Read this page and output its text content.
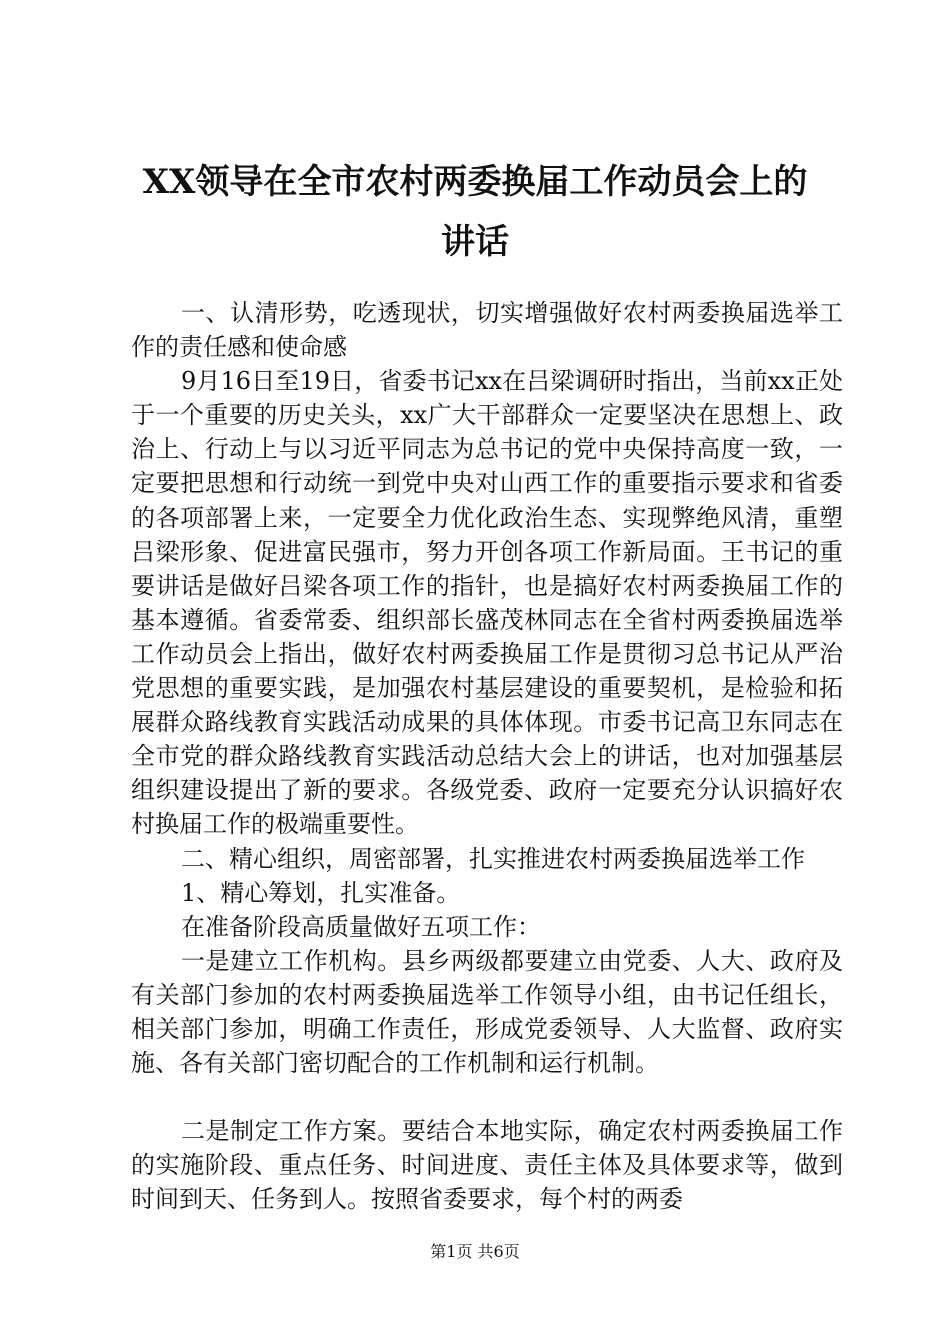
XX领导在全市农村两委换届工作动员会上的
讲话

一、认清形势，吃透现状，切实增强做好农村两委换届选举工作的责任感和使命感

9月16日至19日，省委书记xx在吕梁调研时指出，当前xx正处于一个重要的历史关头，xx广大干部群众一定要坚决在思想上、政治上、行动上与以习近平同志为总书记的党中央保持高度一致，一定要把思想和行动统一到党中央对山西工作的重要指示要求和省委的各项部署上来，一定要全力优化政治生态、实现弊绝风清，重塑吕梁形象、促进富民强市，努力开创各项工作新局面。王书记的重要讲话是做好吕梁各项工作的指针，也是搞好农村两委换届工作的基本遵循。省委常委、组织部长盛茂林同志在全省村两委换届选举工作动员会上指出，做好农村两委换届工作是贯彻习总书记从严治党思想的重要实践，是加强农村基层建设的重要契机，是检验和拓展群众路线教育实践活动成果的具体体现。市委书记高卫东同志在全市党的群众路线教育实践活动总结大会上的讲话，也对加强基层组织建设提出了新的要求。各级党委、政府一定要充分认识搞好农村换届工作的极端重要性。

二、精心组织，周密部署，扎实推进农村两委换届选举工作

1、精心筹划，扎实准备。

在准备阶段高质量做好五项工作：

一是建立工作机构。县乡两级都要建立由党委、人大、政府及有关部门参加的农村两委换届选举工作领导小组，由书记任组长，相关部门参加，明确工作责任，形成党委领导、人大监督、政府实施、各有关部门密切配合的工作机制和运行机制。

二是制定工作方案。要结合本地实际，确定农村两委换届工作的实施阶段、重点任务、时间进度、责任主体及具体要求等，做到时间到天、任务到人。按照省委要求，每个村的两委

第1页 共6页
